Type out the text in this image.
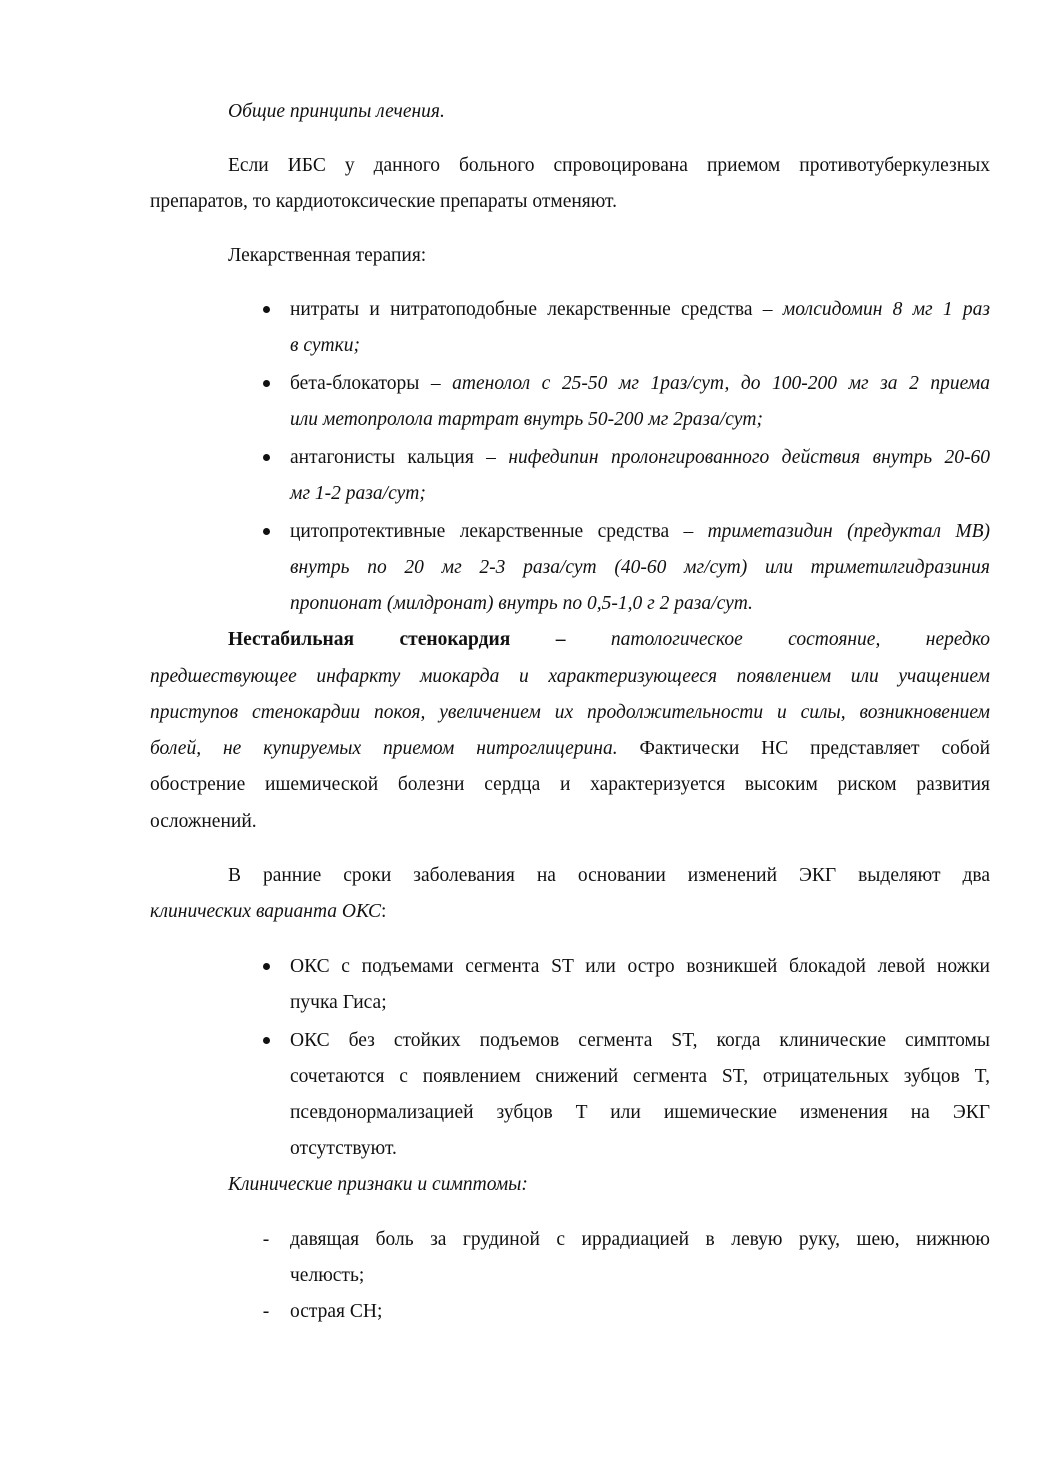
Общие принципы лечения.
Если ИБС у данного больного спровоцирована приемом противотуберкулезных
препаратов, то кардиотоксические препараты отменяют.
Лекарственная терапия:
нитраты и нитратоподобные лекарственные средства – молсидомин 8 мг 1 раз
в сутки;
бета-блокаторы – атенолол с 25-50 мг 1раз/сут, до 100-200 мг за 2 приема
или метопролола тартрат внутрь 50-200 мг 2раза/сут;
антагонисты кальция – нифедипин пролонгированного действия внутрь 20-60
мг 1-2 раза/сут;
цитопротективные лекарственные средства – триметазидин (предуктал МВ)
внутрь по 20 мг 2-3 раза/сут (40-60 мг/сут) или триметилгидразиния
пропионат (милдронат) внутрь по 0,5-1,0 г 2 раза/сут.
Нестабильная стенокардия – патологическое состояние, нередко
предшествующее инфаркту миокарда и характеризующееся появлением или учащением
приступов стенокардии покоя, увеличением их продолжительности и силы, возникновением
болей, не купируемых приемом нитроглицерина. Фактически НС представляет собой
обострение ишемической болезни сердца и характеризуется высоким риском развития
осложнений.
В ранние сроки заболевания на основании изменений ЭКГ выделяют два
клинических варианта ОКС:
ОКС с подъемами сегмента ST или остро возникшей блокадой левой ножки
пучка Гиса;
ОКС без стойких подъемов сегмента ST, когда клинические симптомы
сочетаются с появлением снижений сегмента ST, отрицательных зубцов T,
псевдонормализацией зубцов T или ишемические изменения на ЭКГ
отсутствуют.
Клинические признаки и симптомы:
-	давящая боль за грудиной с иррадиацией в левую руку, шею, нижнюю
челюсть;
-	острая СН;
